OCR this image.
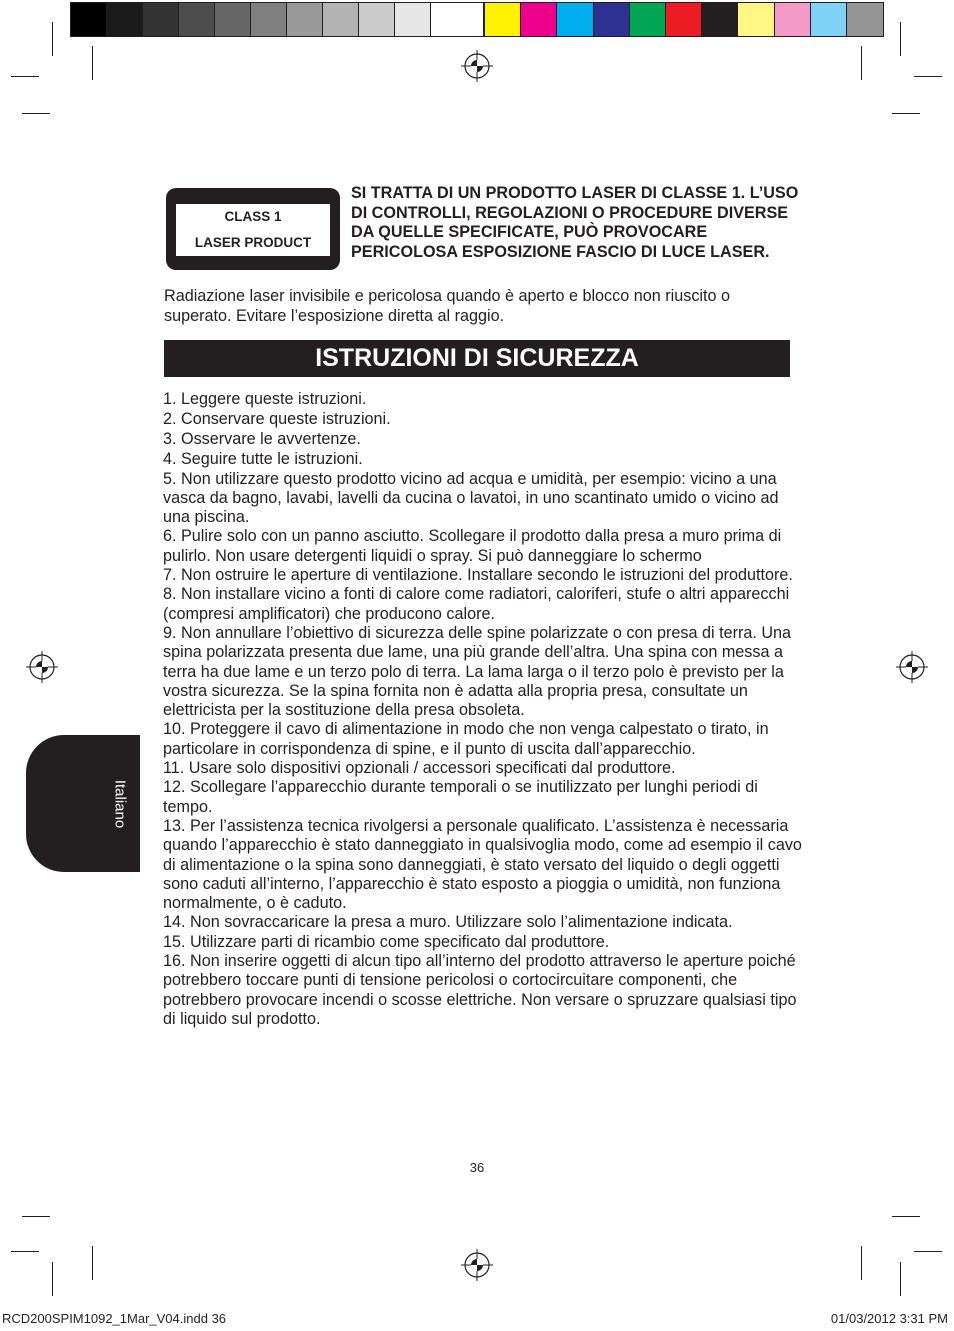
CLASS 1
LASER PRODUCT
SI TRATTA DI UN PRODOTTO LASER DI CLASSE 1. L’USO DI CONTROLLI, REGOLAZIONI O PROCEDURE DIVERSE DA QUELLE SPECIFICATE, PUÒ PROVOCARE PERICOLOSA ESPOSIZIONE FASCIO DI LUCE LASER.
Radiazione laser invisibile e pericolosa quando è aperto e blocco non riuscito o superato. Evitare l’esposizione diretta al raggio.
ISTRUZIONI DI SICUREZZA
1. Leggere queste istruzioni.
2. Conservare queste istruzioni.
3. Osservare le avvertenze.
4. Seguire tutte le istruzioni.
5. Non utilizzare questo prodotto vicino ad acqua e umidità, per esempio: vicino a una vasca da bagno, lavabi, lavelli da cucina o lavatoi, in uno scantinato umido o vicino ad una piscina.
6. Pulire solo con un panno asciutto. Scollegare il prodotto dalla presa a muro prima di pulirlo. Non usare detergenti liquidi o spray. Si può danneggiare lo schermo
7. Non ostruire le aperture di ventilazione. Installare secondo le istruzioni del produttore.
8. Non installare vicino a fonti di calore come radiatori, caloriferi, stufe o altri apparecchi (compresi amplificatori) che producono calore.
9. Non annullare l’obiettivo di sicurezza delle spine polarizzate o con presa di terra. Una spina polarizzata presenta due lame, una più grande dell’altra. Una spina con messa a terra ha due lame e un terzo polo di terra. La lama larga o il terzo polo è previsto per la vostra sicurezza. Se la spina fornita non è adatta alla propria presa, consultate un elettricista per la sostituzione della presa obsoleta.
10. Proteggere il cavo di alimentazione in modo che non venga calpestato o tirato, in particolare in corrispondenza di spine, e il punto di uscita dall’apparecchio.
11. Usare solo dispositivi opzionali / accessori specificati dal produttore.
12. Scollegare l’apparecchio durante temporali o se inutilizzato per lunghi periodi di tempo.
13. Per l’assistenza tecnica rivolgersi a personale qualificato. L’assistenza è necessaria quando l’apparecchio è stato danneggiato in qualsivoglia modo, come ad esempio il cavo di alimentazione o la spina sono danneggiati, è stato versato del liquido o degli oggetti sono caduti all’interno, l’apparecchio è stato esposto a pioggia o umidità, non funziona normalmente, o è caduto.
14. Non sovraccaricare la presa a muro. Utilizzare solo l’alimentazione indicata.
15. Utilizzare parti di ricambio come specificato dal produttore.
16. Non inserire oggetti di alcun tipo all’interno del prodotto attraverso le aperture poiché potrebbero toccare punti di tensione pericolosi o cortocircuitare componenti, che potrebbero provocare incendi o scosse elettriche. Non versare o spruzzare qualsiasi tipo di liquido sul prodotto.
Italiano
36
RCD200SPIM1092_1Mar_V04.indd 36	01/03/2012 3:31 PM
